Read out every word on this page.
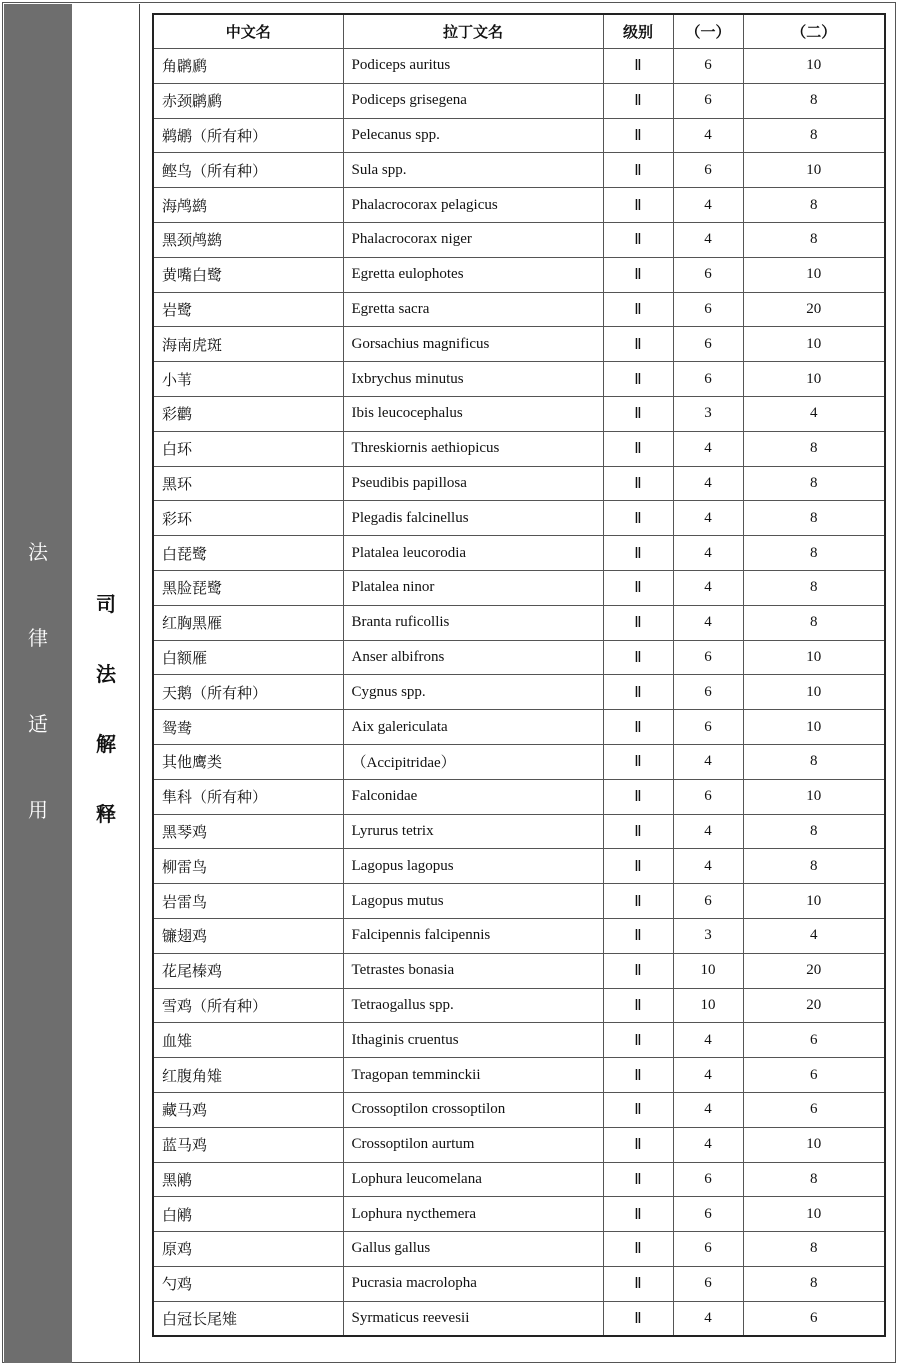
法
律
适
用
司
法
解
释
中文名	拉丁文名	级别	（一）	（二）
角䴙䴘	Podiceps auritus	Ⅱ	6	10
赤颈䴙䴘	Podiceps grisegena	Ⅱ	6	8
鹈鹕（所有种）	Pelecanus spp.	Ⅱ	4	8
鲣鸟（所有种）	Sula spp.	Ⅱ	6	10
海鸬鹚	Phalacrocorax pelagicus	Ⅱ	4	8
黑颈鸬鹚	Phalacrocorax niger	Ⅱ	4	8
黄嘴白鹭	Egretta eulophotes	Ⅱ	6	10
岩鹭	Egretta sacra	Ⅱ	6	20
海南虎斑	Gorsachius magnificus	Ⅱ	6	10
小苇	Ixbrychus minutus	Ⅱ	6	10
彩鹳	Ibis leucocephalus	Ⅱ	3	4
白环	Threskiornis aethiopicus	Ⅱ	4	8
黑环	Pseudibis papillosa	Ⅱ	4	8
彩环	Plegadis falcinellus	Ⅱ	4	8
白琵鹭	Platalea leucorodia	Ⅱ	4	8
黑脸琵鹭	Platalea ninor	Ⅱ	4	8
红胸黑雁	Branta ruficollis	Ⅱ	4	8
白额雁	Anser albifrons	Ⅱ	6	10
天鹅（所有种）	Cygnus spp.	Ⅱ	6	10
鸳鸯	Aix galericulata	Ⅱ	6	10
其他鹰类	（Accipitridae）	Ⅱ	4	8
隼科（所有种）	Falconidae	Ⅱ	6	10
黑琴鸡	Lyrurus tetrix	Ⅱ	4	8
柳雷鸟	Lagopus lagopus	Ⅱ	4	8
岩雷鸟	Lagopus mutus	Ⅱ	6	10
镰翅鸡	Falcipennis falcipennis	Ⅱ	3	4
花尾榛鸡	Tetrastes bonasia	Ⅱ	10	20
雪鸡（所有种）	Tetraogallus spp.	Ⅱ	10	20
血雉	Ithaginis cruentus	Ⅱ	4	6
红腹角雉	Tragopan temminckii	Ⅱ	4	6
藏马鸡	Crossoptilon crossoptilon	Ⅱ	4	6
蓝马鸡	Crossoptilon aurtum	Ⅱ	4	10
黑鹇	Lophura leucomelana	Ⅱ	6	8
白鹇	Lophura nycthemera	Ⅱ	6	10
原鸡	Gallus gallus	Ⅱ	6	8
勺鸡	Pucrasia macrolopha	Ⅱ	6	8
白冠长尾雉	Syrmaticus reevesii	Ⅱ	4	6
